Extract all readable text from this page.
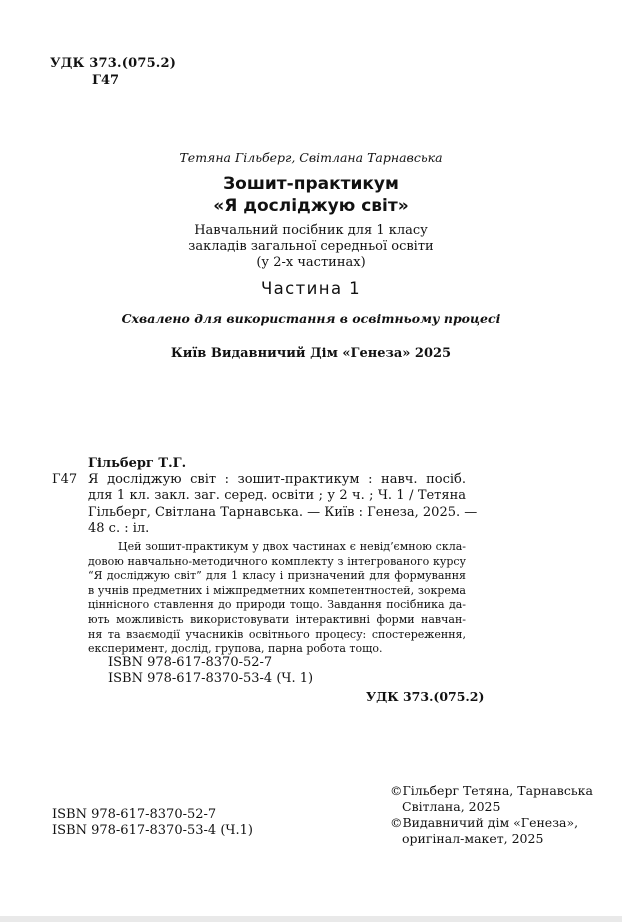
УДК 373.(075.2)
Г47
Тетяна Гільберг, Світлана Тарнавська
Зошит-практикум
«Я досліджую світ»
Навчальний посібник для 1 класу
закладів загальної середньої освіти
(у 2-х частинах)
Частина 1
Схвалено для використання в освітньому процесі
Київ Видавничий Дім «Генеза» 2025
Гільберг Т.Г.
Г47 Я досліджую світ : зошит-практикум : навч. посіб.
для 1 кл. закл. заг. серед. освіти ; у 2 ч. ; Ч. 1 / Тетяна
Гільберг, Світлана Тарнавська. — Київ : Генеза, 2025. —
48 с. : іл.
Цей зошит-практикум у двох частинах є невід’ємною скла-
довою навчально-методичного комплекту з інтегрованого курсу
“Я досліджую світ” для 1 класу і призначений для формування
в учнів предметних і міжпредметних компетентностей, зокрема
ціннісного ставлення до природи тощо. Завдання посібника да-
ють можливість використовувати інтерактивні форми навчан-
ня та взаємодії учасників освітнього процесу: спостереження,
експеримент, дослід, групова, парна робота тощо.
ISBN 978-617-8370-52-7
ISBN 978-617-8370-53-4 (Ч. 1)
УДК 373.(075.2)
ISBN 978-617-8370-52-7
ISBN 978-617-8370-53-4 (Ч.1)
©Гільберг Тетяна, Тарнавська
Світлана, 2025
©Видавничий дім «Генеза»,
оригінал-макет, 2025
